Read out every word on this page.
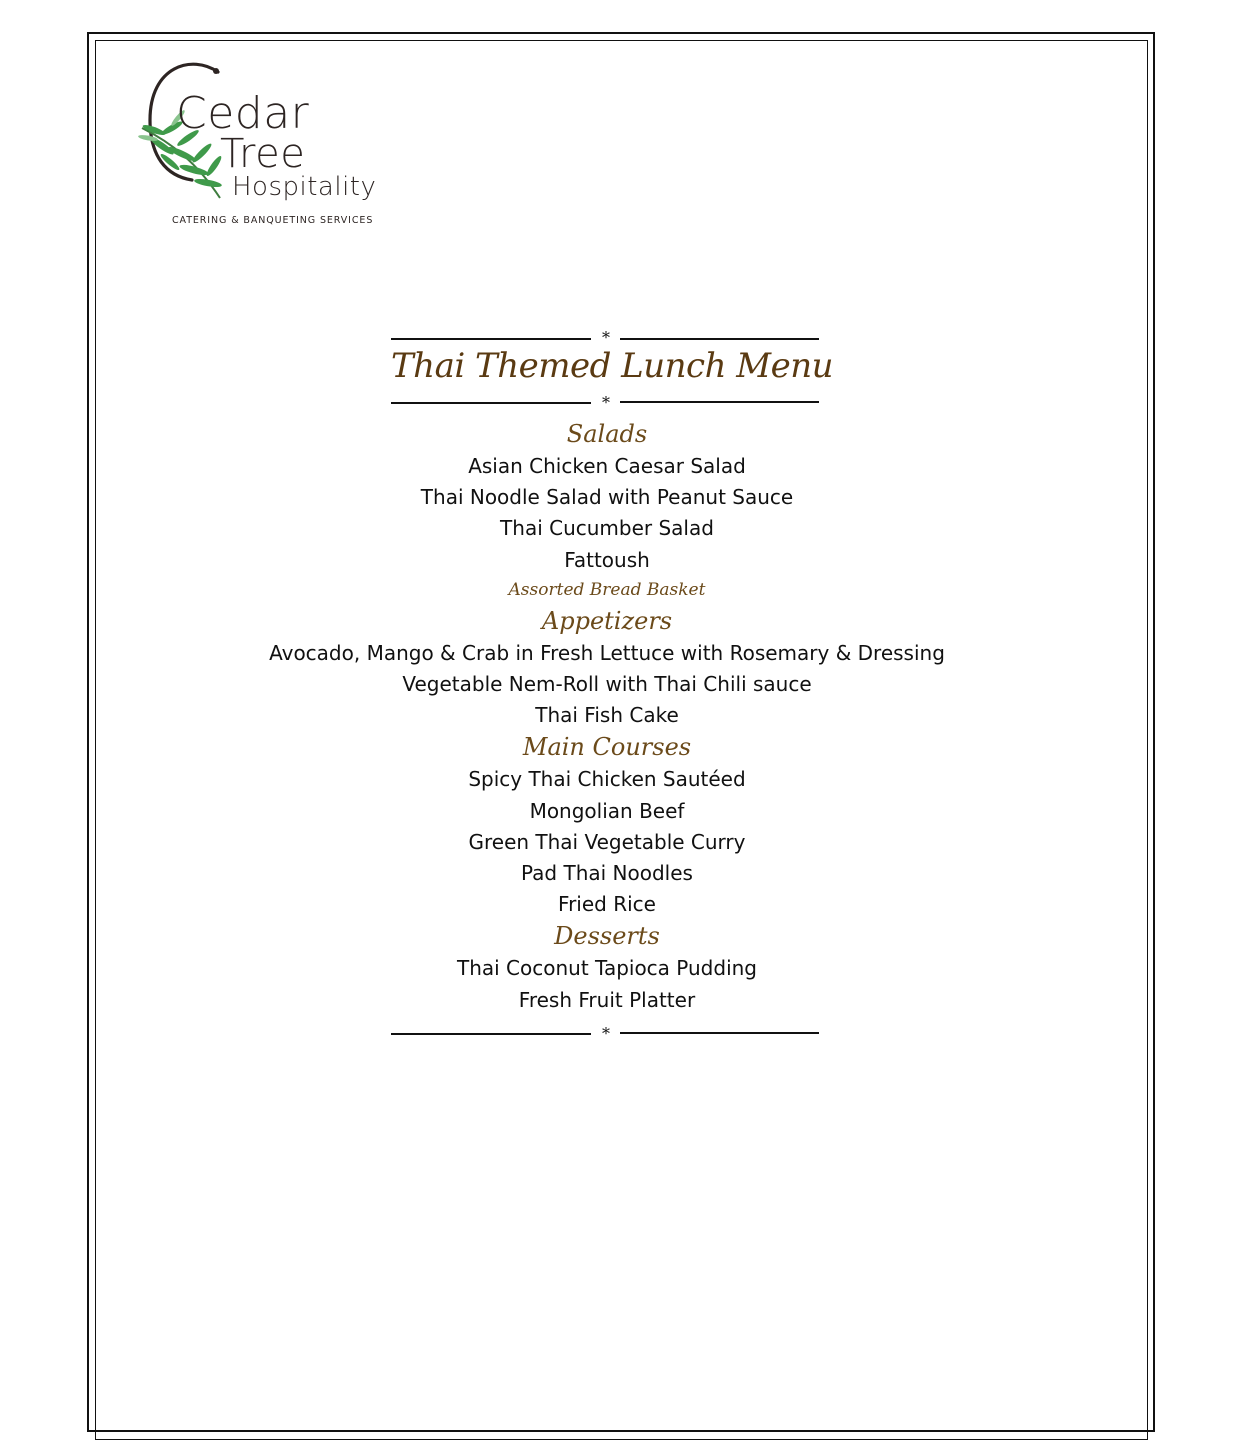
Cedar
Tree
Hospitality
CATERING & BANQUETING SERVICES
*
Thai Themed Lunch Menu
*
Salads
Asian Chicken Caesar Salad
Thai Noodle Salad with Peanut Sauce
Thai Cucumber Salad
Fattoush
Assorted Bread Basket
Appetizers
Avocado, Mango & Crab in Fresh Lettuce with Rosemary & Dressing
Vegetable Nem-Roll with Thai Chili sauce
Thai Fish Cake
Main Courses
Spicy Thai Chicken Sautéed
Mongolian Beef
Green Thai Vegetable Curry
Pad Thai Noodles
Fried Rice
Desserts
Thai Coconut Tapioca Pudding
Fresh Fruit Platter
*
